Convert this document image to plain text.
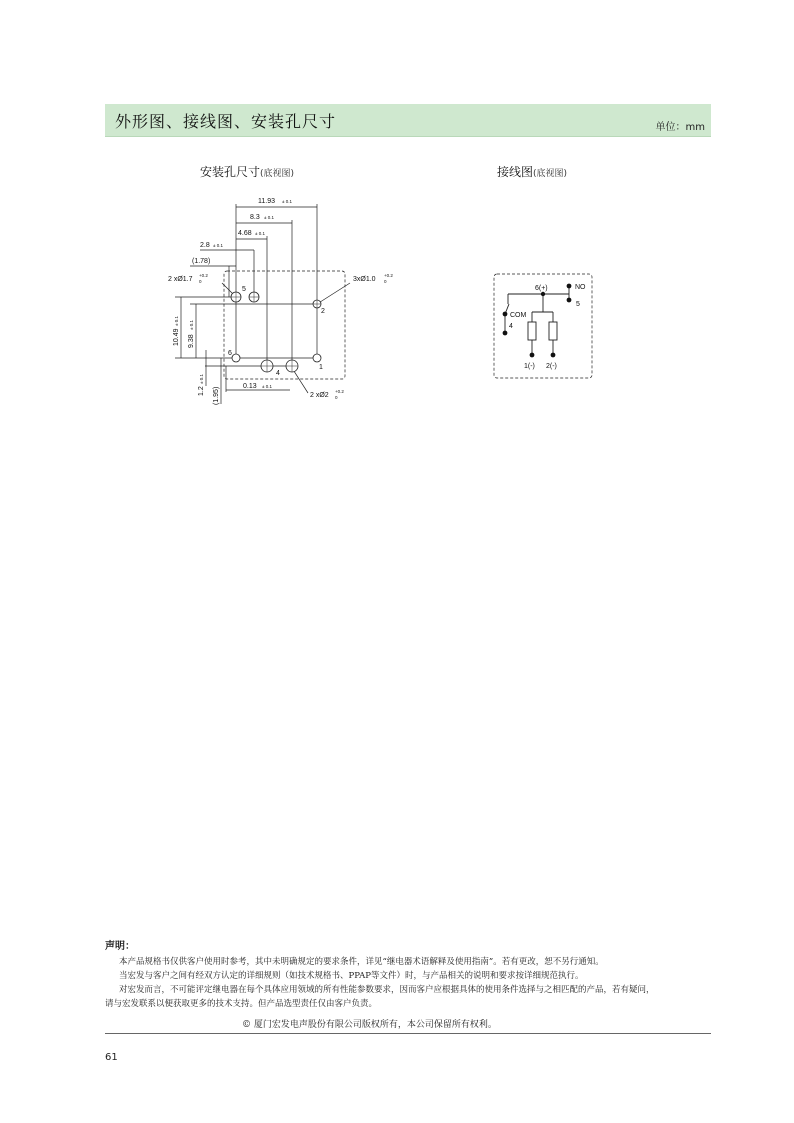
外形图、接线图、安装孔尺寸	单位：mm
安装孔尺寸(底视图)	接线图(底视图)
11.93 ± 0.1
8.3 ± 0.1
4.68 ± 0.1
2.8 ± 0.1
(1.78)
2 xØ1.7
+0.2
0	3xØ1.0
+0.2
0
10.49
± 0.1
9.38
± 0.1
1.2
± 0.1
(1.95)
0.13 ± 0.1
2 xØ2
+0.2
0
5
2
6
1
4
6(+)	NO
5
COM
4
1(-) 2(-)
声明：

本产品规格书仅供客户使用时参考，其中未明确规定的要求条件，详见“继电器术语解释及使用指南”。若有更改，恕不另行通知。

当宏发与客户之间有经双方认定的详细规则（如技术规格书、PPAP等文件）时，与产品相关的说明和要求按详细规范执行。

对宏发而言，不可能评定继电器在每个具体应用领域的所有性能参数要求，因而客户应根据具体的使用条件选择与之相匹配的产品，若有疑问，

请与宏发联系以便获取更多的技术支持。但产品选型责任仅由客户负责。

© 厦门宏发电声股份有限公司版权所有，本公司保留所有权利。
61
